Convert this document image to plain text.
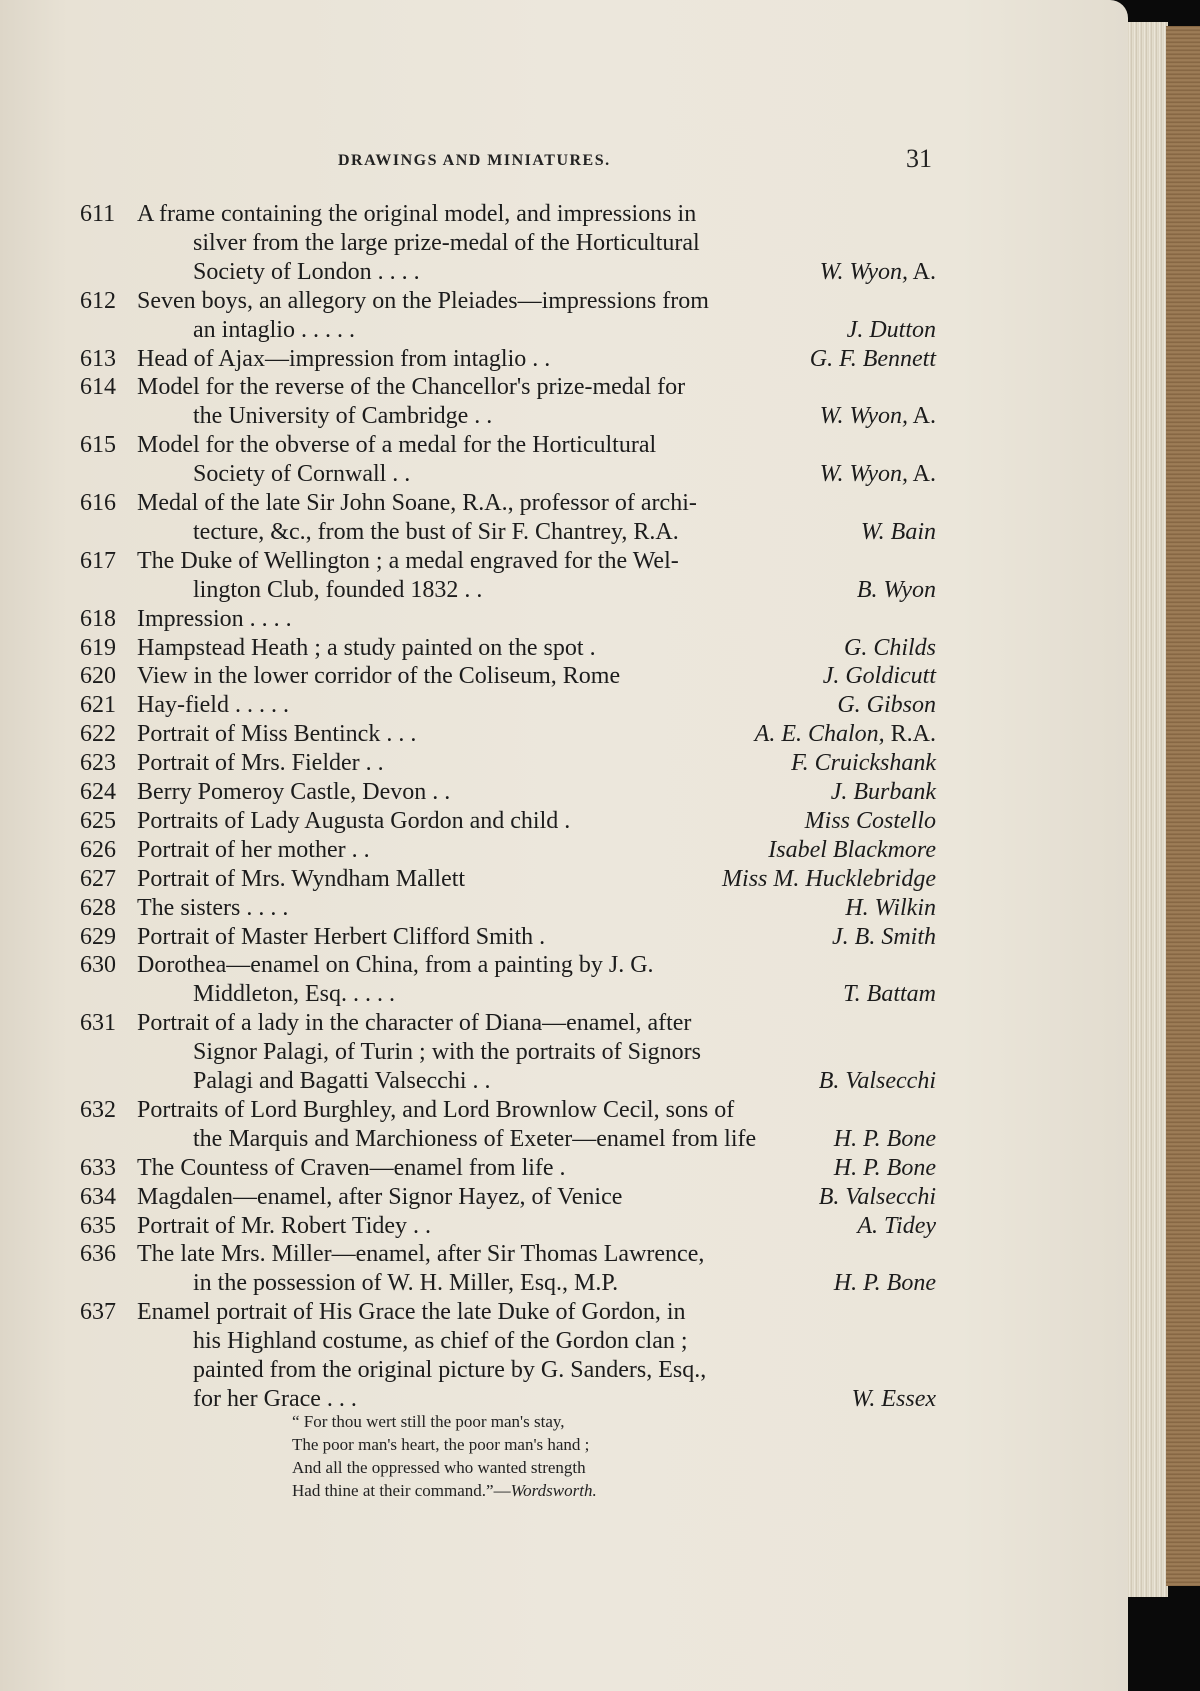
DRAWINGS AND MINIATURES.	31
611 A frame containing the original model, and impressions in
silver from the large prize-medal of the Horticultural
Society of London . . . .	W. Wyon, A.
612 Seven boys, an allegory on the Pleiades—impressions from
an intaglio . . . . .	J. Dutton
613 Head of Ajax—impression from intaglio . .	G. F. Bennett
614 Model for the reverse of the Chancellor's prize-medal for
the University of Cambridge . .	W. Wyon, A.
615 Model for the obverse of a medal for the Horticultural
Society of Cornwall . .	W. Wyon, A.
616 Medal of the late Sir John Soane, R.A., professor of archi-
tecture, &c., from the bust of Sir F. Chantrey, R.A.	W. Bain
617 The Duke of Wellington ; a medal engraved for the Wel-
lington Club, founded 1832 . .	B. Wyon
618 Impression . . . .
619 Hampstead Heath ; a study painted on the spot .	G. Childs
620 View in the lower corridor of the Coliseum, Rome	J. Goldicutt
621 Hay-field . . . . .	G. Gibson
622 Portrait of Miss Bentinck . . .	A. E. Chalon, R.A.
623 Portrait of Mrs. Fielder . .	F. Cruickshank
624 Berry Pomeroy Castle, Devon . .	J. Burbank
625 Portraits of Lady Augusta Gordon and child .	Miss Costello
626 Portrait of her mother . .	Isabel Blackmore
627 Portrait of Mrs. Wyndham Mallett	Miss M. Hucklebridge
628 The sisters . . . .	H. Wilkin
629 Portrait of Master Herbert Clifford Smith .	J. B. Smith
630 Dorothea—enamel on China, from a painting by J. G.
Middleton, Esq. . . . .	T. Battam
631 Portrait of a lady in the character of Diana—enamel, after
Signor Palagi, of Turin ; with the portraits of Signors
Palagi and Bagatti Valsecchi . .	B. Valsecchi
632 Portraits of Lord Burghley, and Lord Brownlow Cecil, sons of
the Marquis and Marchioness of Exeter—enamel from life	H. P. Bone
633 The Countess of Craven—enamel from life .	H. P. Bone
634 Magdalen—enamel, after Signor Hayez, of Venice	B. Valsecchi
635 Portrait of Mr. Robert Tidey . .	A. Tidey
636 The late Mrs. Miller—enamel, after Sir Thomas Lawrence,
in the possession of W. H. Miller, Esq., M.P.	H. P. Bone
637 Enamel portrait of His Grace the late Duke of Gordon, in
his Highland costume, as chief of the Gordon clan ;
painted from the original picture by G. Sanders, Esq.,
for her Grace . . .	W. Essex
“ For thou wert still the poor man's stay,
The poor man's heart, the poor man's hand ;
And all the oppressed who wanted strength
Had thine at their command.”—Wordsworth.
